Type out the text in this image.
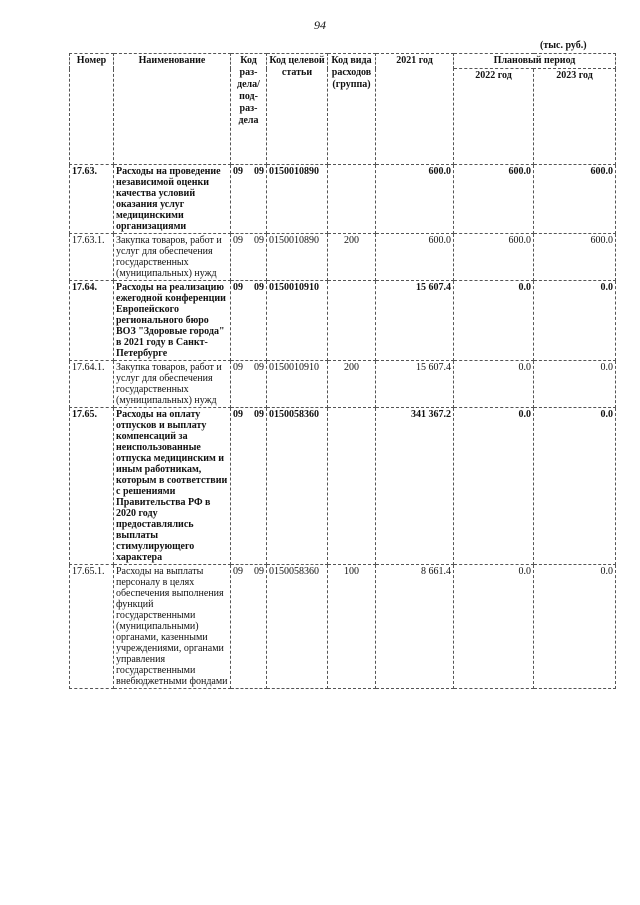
94
(тыс. руб.)
Номер	Наименование	Код раз-дела/ под-раз-дела	Код целевой статьи	Код вида расходов (группа)	2021 год	Плановый период	
						2022 год	2023 год
17.63.	Расходы на проведение независимой оценки качества условий оказания услуг медицинскими организациями	09 09	0150010890		600.0	600.0	600.0
17.63.1.	Закупка товаров, работ и услуг для обеспечения государственных (муниципальных) нужд	09 09	0150010890	200	600.0	600.0	600.0
17.64.	Расходы на реализацию ежегодной конференции Европейского регионального бюро ВОЗ "Здоровые города" в 2021 году в Санкт-Петербурге	09 09	0150010910		15 607.4	0.0	0.0
17.64.1.	Закупка товаров, работ и услуг для обеспечения государственных (муниципальных) нужд	09 09	0150010910	200	15 607.4	0.0	0.0
17.65.	Расходы на оплату отпусков и выплату компенсаций за неиспользованные отпуска медицинским и иным работникам, которым в соответствии с решениями Правительства РФ в 2020 году предоставлялись выплаты стимулирующего характера	09 09	0150058360		341 367.2	0.0	0.0
17.65.1.	Расходы на выплаты персоналу в целях обеспечения выполнения функций государственными (муниципальными) органами, казенными учреждениями, органами управления государственными внебюджетными фондами	09 09	0150058360	100	8 661.4	0.0	0.0
